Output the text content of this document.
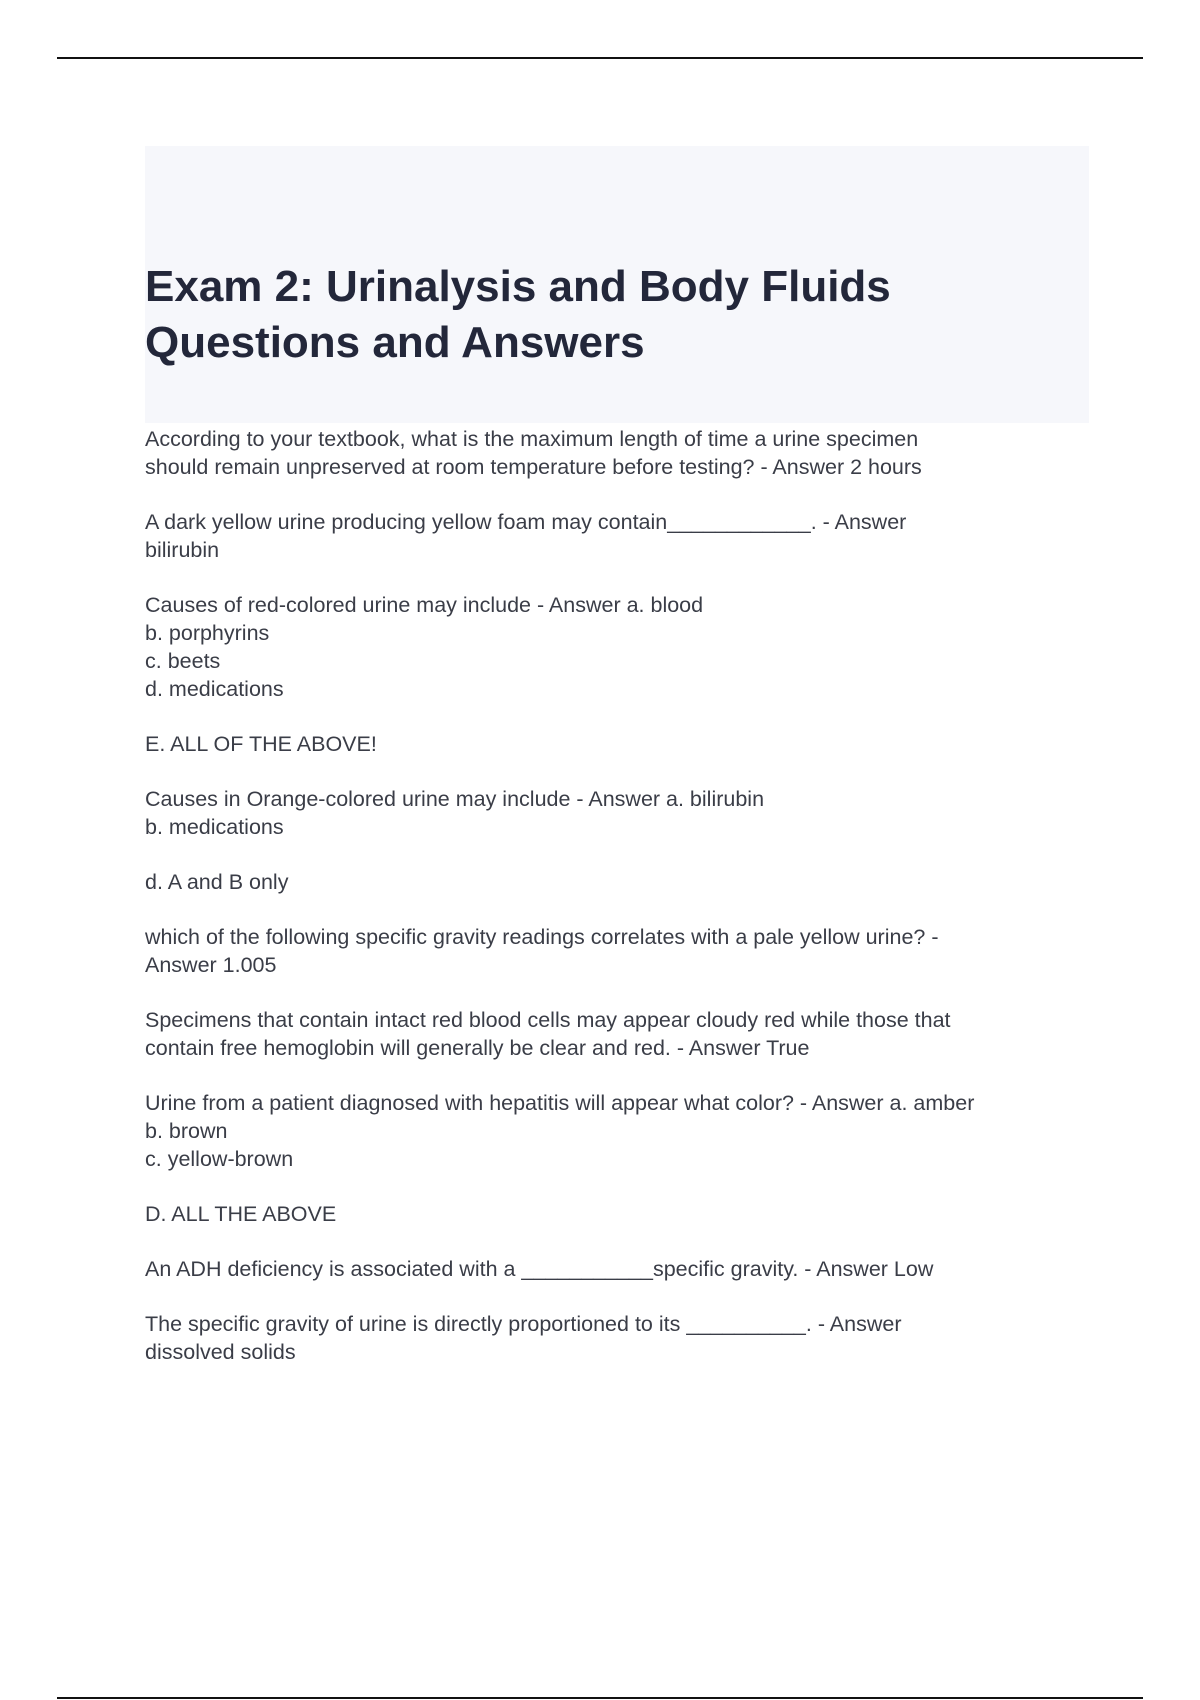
Exam 2: Urinalysis and Body Fluids
Questions and Answers

According to your textbook, what is the maximum length of time a urine specimen
should remain unpreserved at room temperature before testing? - Answer 2 hours

A dark yellow urine producing yellow foam may contain____________. - Answer
bilirubin

Causes of red-colored urine may include - Answer a. blood
b. porphyrins
c. beets
d. medications

E. ALL OF THE ABOVE!

Causes in Orange-colored urine may include - Answer a. bilirubin
b. medications

d. A and B only

which of the following specific gravity readings correlates with a pale yellow urine? -
Answer 1.005

Specimens that contain intact red blood cells may appear cloudy red while those that
contain free hemoglobin will generally be clear and red. - Answer True

Urine from a patient diagnosed with hepatitis will appear what color? - Answer a. amber
b. brown
c. yellow-brown

D. ALL THE ABOVE

An ADH deficiency is associated with a ___________specific gravity. - Answer Low

The specific gravity of urine is directly proportioned to its __________. - Answer
dissolved solids
